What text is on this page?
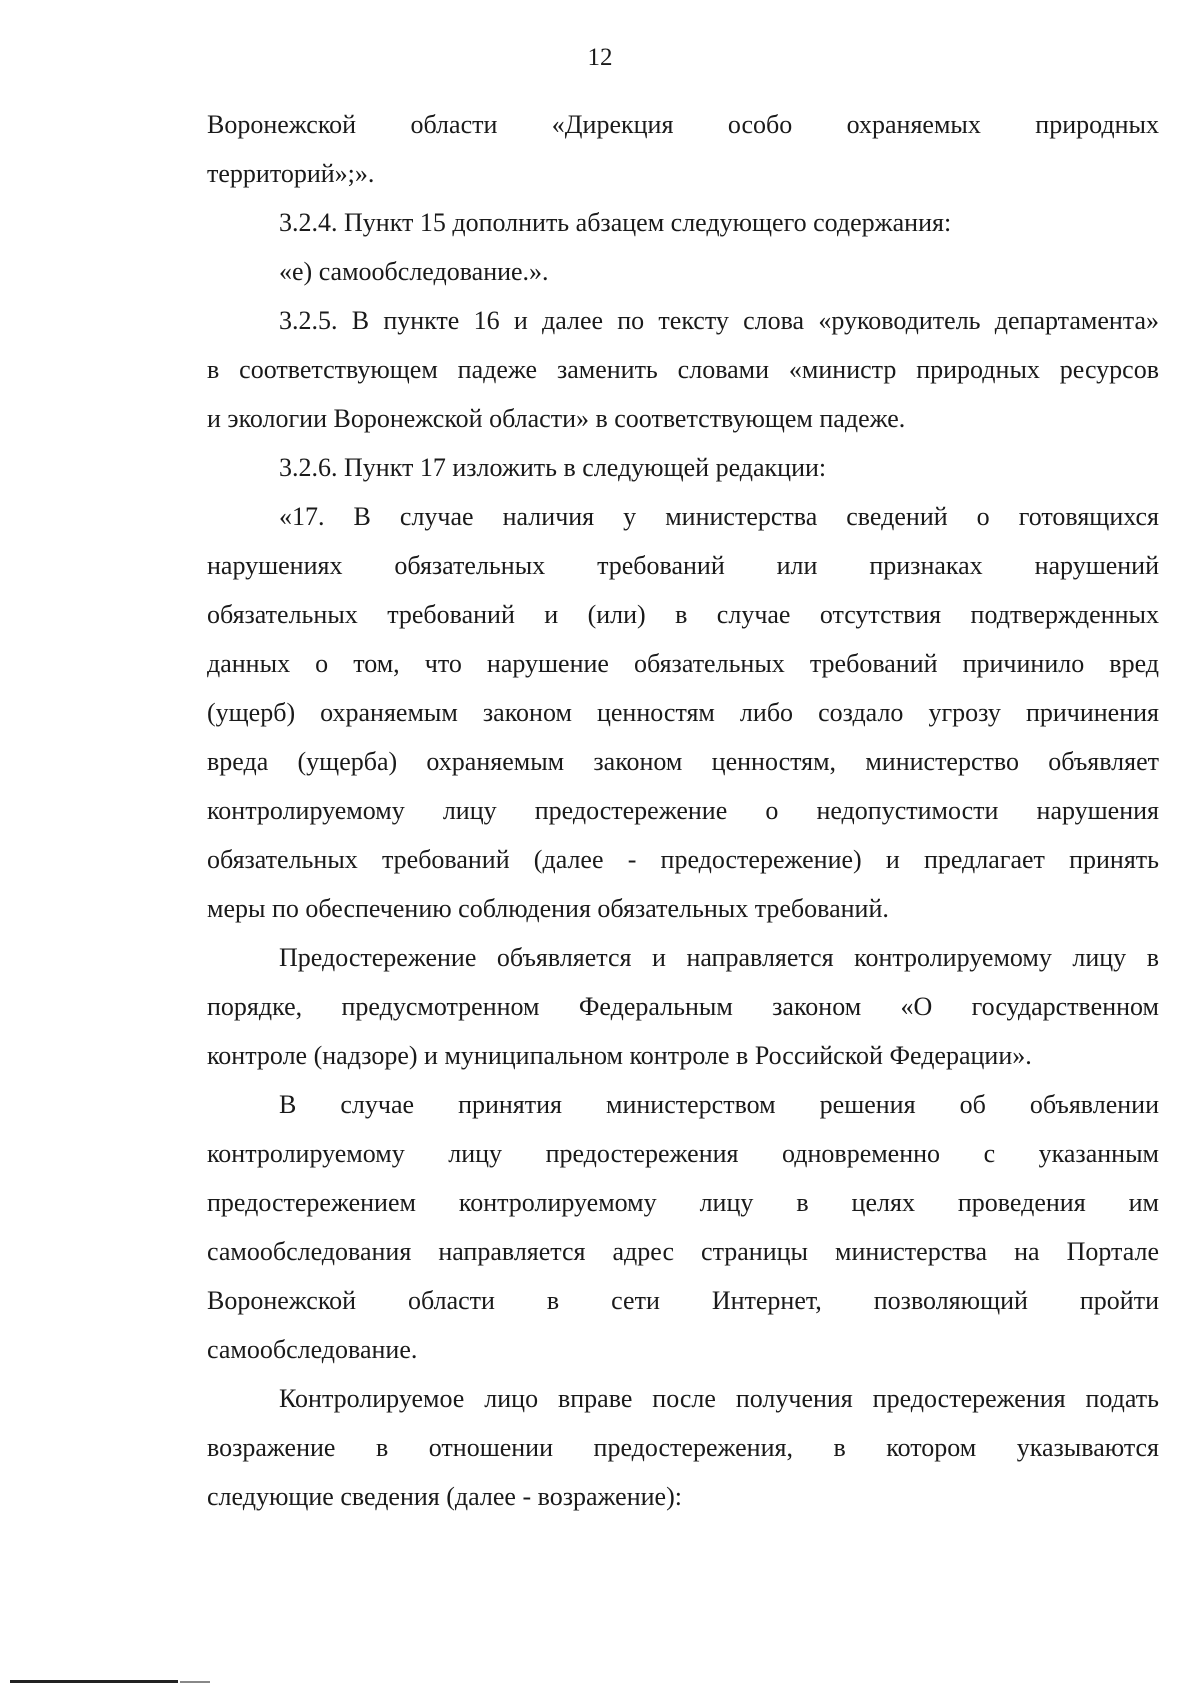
12

Воронежской области «Дирекция особо охраняемых природных
территорий»;».

3.2.4. Пункт 15 дополнить абзацем следующего содержания:

«е) самообследование.».

3.2.5. В пункте 16 и далее по тексту слова «руководитель департамента»
в соответствующем падеже заменить словами «министр природных ресурсов
и экологии Воронежской области» в соответствующем падеже.

3.2.6. Пункт 17 изложить в следующей редакции:

«17. В случае наличия у министерства сведений о готовящихся
нарушениях обязательных требований или признаках нарушений
обязательных требований и (или) в случае отсутствия подтвержденных
данных о том, что нарушение обязательных требований причинило вред
(ущерб) охраняемым законом ценностям либо создало угрозу причинения
вреда (ущерба) охраняемым законом ценностям, министерство объявляет
контролируемому лицу предостережение о недопустимости нарушения
обязательных требований (далее - предостережение) и предлагает принять
меры по обеспечению соблюдения обязательных требований.

Предостережение объявляется и направляется контролируемому лицу в
порядке, предусмотренном Федеральным законом «О государственном
контроле (надзоре) и муниципальном контроле в Российской Федерации».

В случае принятия министерством решения об объявлении
контролируемому лицу предостережения одновременно с указанным
предостережением контролируемому лицу в целях проведения им
самообследования направляется адрес страницы министерства на Портале
Воронежской области в сети Интернет, позволяющий пройти
самообследование.

Контролируемое лицо вправе после получения предостережения подать
возражение в отношении предостережения, в котором указываются
следующие сведения (далее - возражение):
